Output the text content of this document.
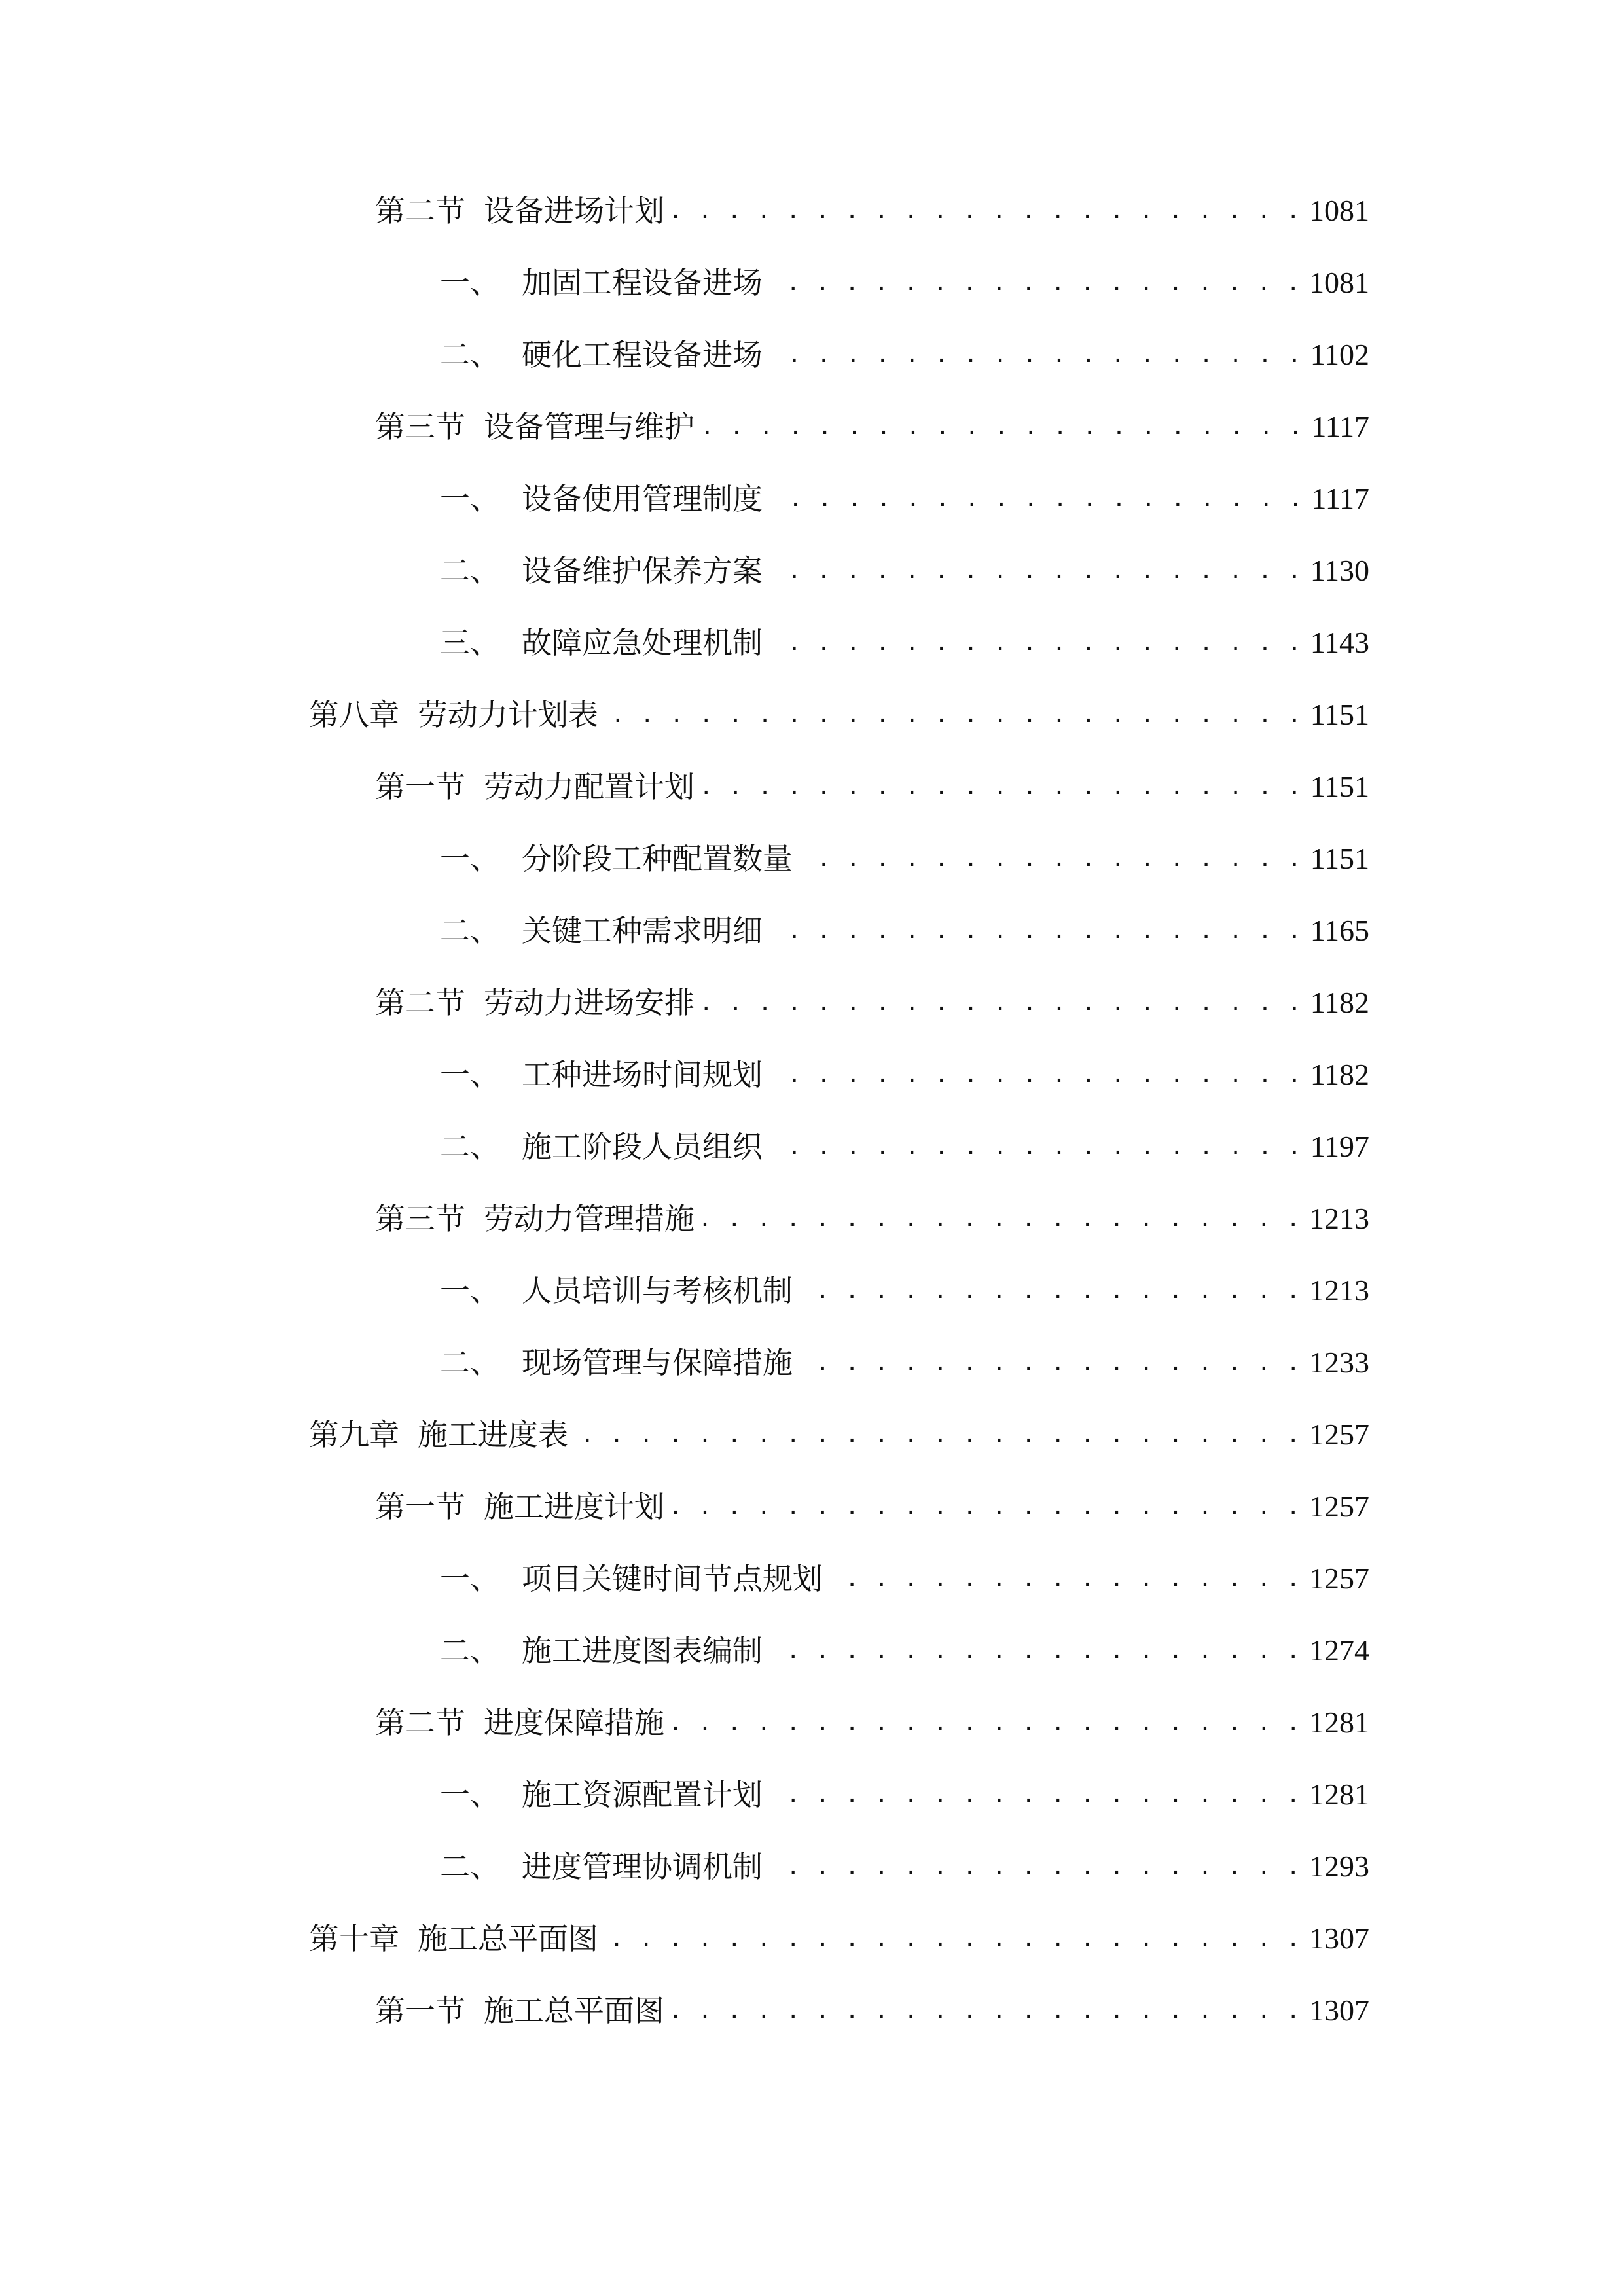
第二节 设备进场计划 . . .	1081
一、 加固工程设备进场 . . .	1081
二、 硬化工程设备进场 . . .	1102
第三节 设备管理与维护 . . .	1117
一、 设备使用管理制度 . . .	1117
二、 设备维护保养方案 . . .	1130
三、 故障应急处理机制 . . .	1143
第八章 劳动力计划表 . . .	1151
第一节 劳动力配置计划 . . .	1151
一、 分阶段工种配置数量 . . .	1151
二、 关键工种需求明细 . . .	1165
第二节 劳动力进场安排 . . .	1182
一、 工种进场时间规划 . . .	1182
二、 施工阶段人员组织 . . .	1197
第三节 劳动力管理措施 . . .	1213
一、 人员培训与考核机制 . . .	1213
二、 现场管理与保障措施 . . .	1233
第九章 施工进度表 . . .	1257
第一节 施工进度计划 . . .	1257
一、 项目关键时间节点规划 . . .	1257
二、 施工进度图表编制 . . .	1274
第二节 进度保障措施 . . .	1281
一、 施工资源配置计划 . . .	1281
二、 进度管理协调机制 . . .	1293
第十章 施工总平面图 . . .	1307
第一节 施工总平面图 . . .	1307
